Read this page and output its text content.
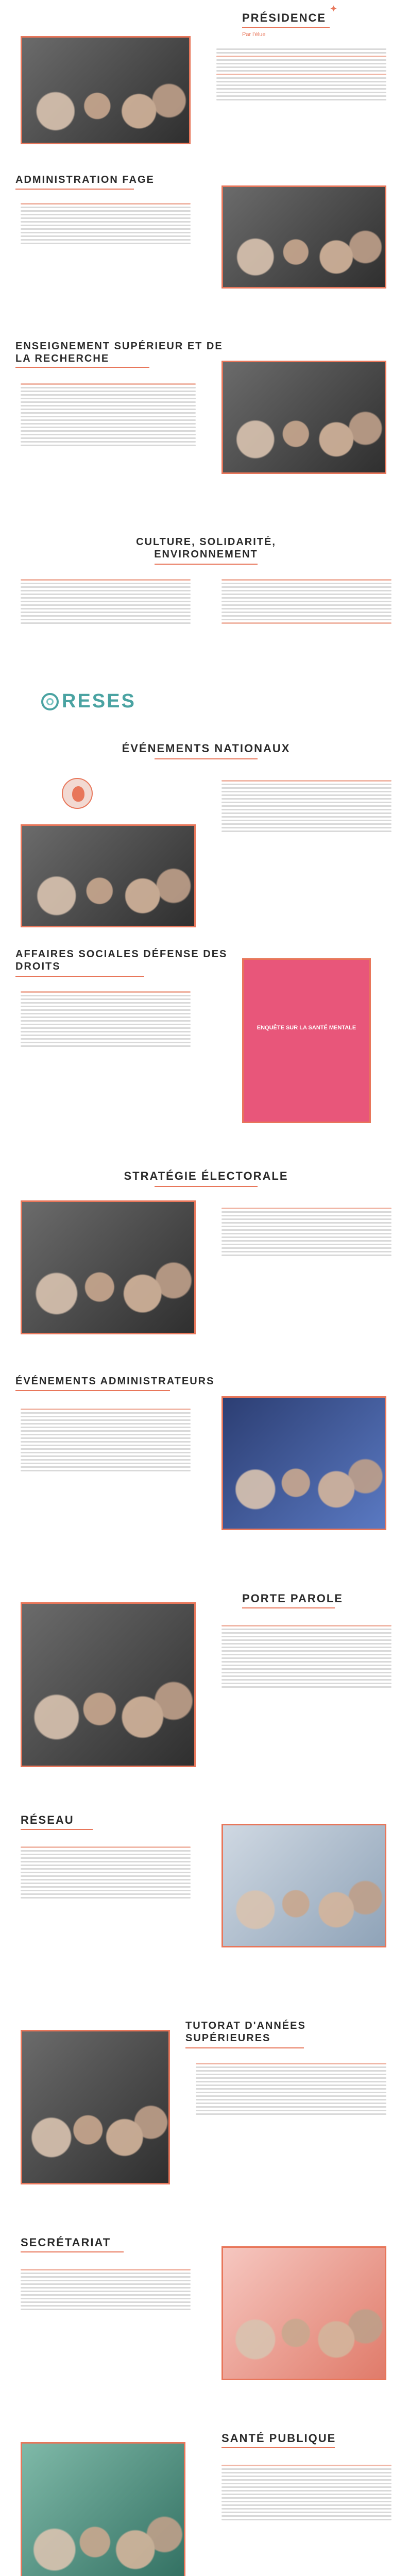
✦
PRÉSIDENCE
Par l'élue
ADMINISTRATION FAGE
ENSEIGNEMENT SUPÉRIEUR ET DE LA RECHERCHE
CULTURE, SOLIDARITÉ, ENVIRONNEMENT
RESES
ÉVÉNEMENTS NATIONAUX
AFFAIRES SOCIALES DÉFENSE DES DROITS
ENQUÊTE SUR LA SANTÉ MENTALE
STRATÉGIE ÉLECTORALE
ÉVÉNEMENTS ADMINISTRATEURS
PORTE PAROLE
RÉSEAU
TUTORAT D'ANNÉES SUPÉRIEURES
SECRÉTARIAT
SANTÉ PUBLIQUE
